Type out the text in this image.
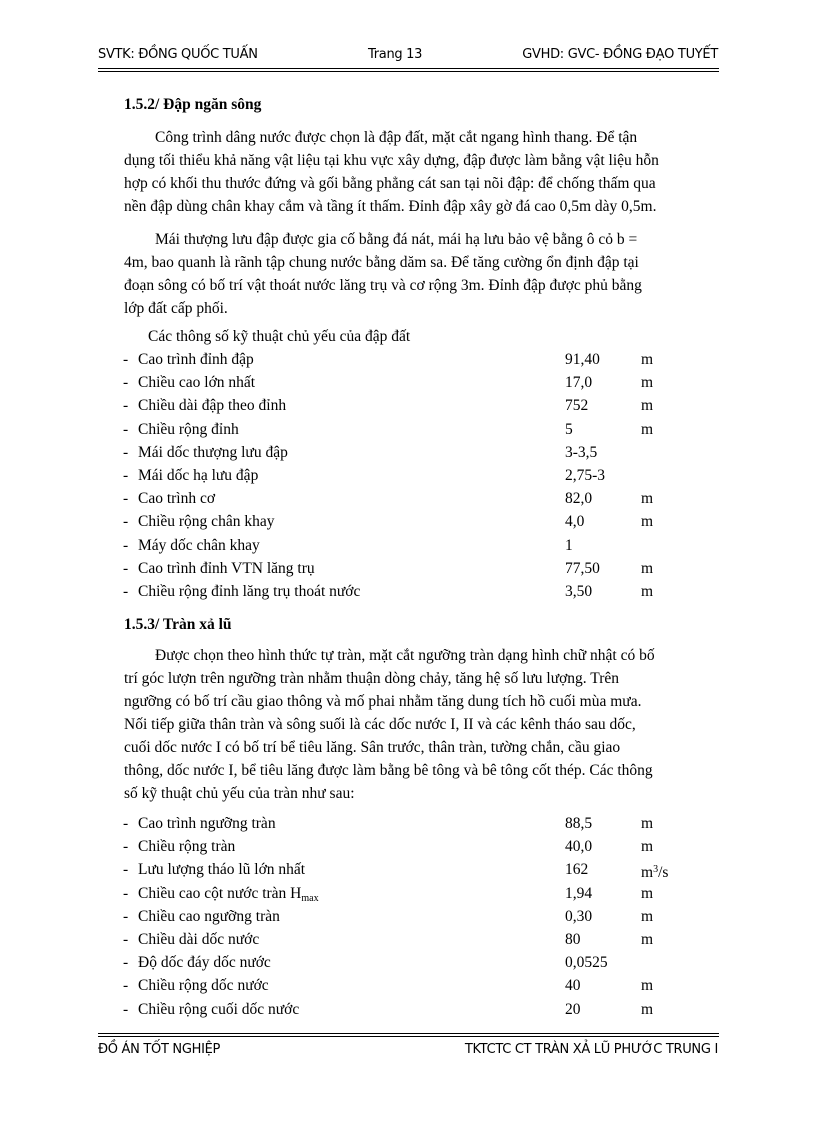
SVTK: ĐỒNG QUỐC TUẤN	Trang 13	GVHD: GVC- ĐỒNG ĐẠO TUYẾT
1.5.2/ Đập ngăn sông
Công trình dâng nước được chọn là đập đất, mặt cắt ngang hình thang. Để tận
dụng tối thiểu khả năng vật liệu tại khu vực xây dựng, đập được làm bằng vật liệu hỗn
hợp có khối thu thước đứng và gối bằng phẳng cát san tại nõi đập: để chống thấm qua
nền đập dùng chân khay cắm và tầng ít thấm. Đỉnh đập xây gờ đá cao 0,5m dày 0,5m.
Mái thượng lưu đập được gia cố bằng đá nát, mái hạ lưu bảo vệ bằng ô cỏ b =
4m, bao quanh là rãnh tập chung nước bằng dăm sa. Để tăng cường ổn định đập tại
đoạn sông có bố trí vật thoát nước lăng trụ và cơ rộng 3m. Đỉnh đập được phủ bằng
lớp đất cấp phối.
Các thông số kỹ thuật chủ yếu của đập đất
- Cao trình đỉnh đập	91,40	m
- Chiều cao lớn nhất	17,0	m
- Chiều dài đập theo đỉnh	752	m
- Chiều rộng đỉnh	5	m
- Mái dốc thượng lưu đập	3-3,5
- Mái dốc hạ lưu đập	2,75-3
- Cao trình cơ	82,0	m
- Chiều rộng chân khay	4,0	m
- Máy dốc chân khay	1
- Cao trình đỉnh VTN lăng trụ	77,50	m
- Chiều rộng đỉnh lăng trụ thoát nước	3,50	m
1.5.3/ Tràn xả lũ
Được chọn theo hình thức tự tràn, mặt cắt ngưỡng tràn dạng hình chữ nhật có bố
trí góc lượn trên ngưỡng tràn nhằm thuận dòng chảy, tăng hệ số lưu lượng. Trên
ngưỡng có bố trí cầu giao thông và mố phai nhằm tăng dung tích hồ cuối mùa mưa.
Nối tiếp giữa thân tràn và sông suối là các dốc nước I, II và các kênh tháo sau dốc,
cuối dốc nước I có bố trí bể tiêu lăng. Sân trước, thân tràn, tường chắn, cầu giao
thông, dốc nước I, bể tiêu lăng được làm bằng bê tông và bê tông cốt thép. Các thông
số kỹ thuật chủ yếu của tràn như sau:
- Cao trình ngưỡng tràn	88,5	m
- Chiều rộng tràn	40,0	m
- Lưu lượng tháo lũ lớn nhất	162	$m^3/s$
- Chiều cao cột nước tràn $H_{max}$	1,94	m
- Chiều cao ngưỡng tràn	0,30	m
- Chiều dài dốc nước	80	m
- Độ dốc đáy dốc nước	0,0525
- Chiều rộng dốc nước	40	m
- Chiều rộng cuối dốc nước	20	m
ĐỒ ÁN TỐT NGHIỆP	TKTCTC CT TRÀN XẢ LŨ PHƯỚC TRUNG I
